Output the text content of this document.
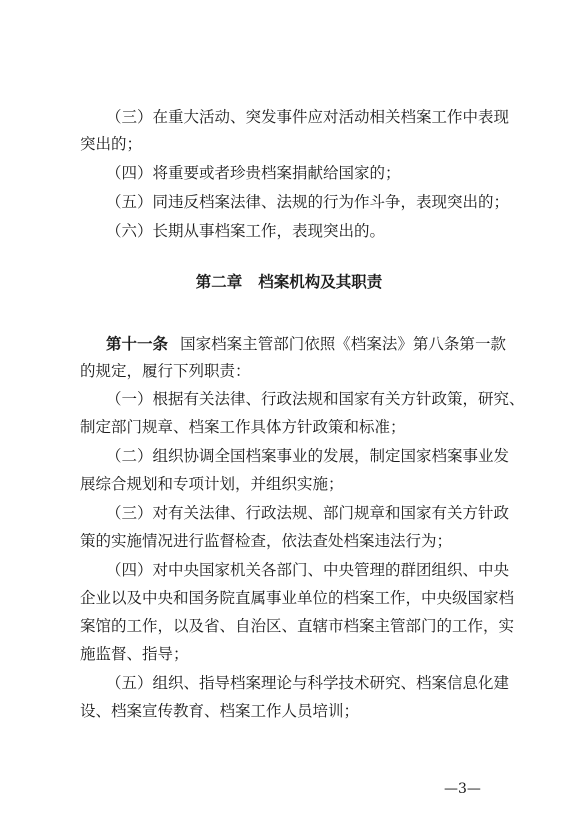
（三）在重大活动、突发事件应对活动相关档案工作中表现
突出的；
（四）将重要或者珍贵档案捐献给国家的；
（五）同违反档案法律、法规的行为作斗争，表现突出的；
（六）长期从事档案工作，表现突出的。
第二章 档案机构及其职责
第十一条 国家档案主管部门依照《档案法》第八条第一款
的规定，履行下列职责：
（一）根据有关法律、行政法规和国家有关方针政策，研究、
制定部门规章、档案工作具体方针政策和标准；
（二）组织协调全国档案事业的发展，制定国家档案事业发
展综合规划和专项计划，并组织实施；
（三）对有关法律、行政法规、部门规章和国家有关方针政
策的实施情况进行监督检查，依法查处档案违法行为；
（四）对中央国家机关各部门、中央管理的群团组织、中央
企业以及中央和国务院直属事业单位的档案工作，中央级国家档
案馆的工作，以及省、自治区、直辖市档案主管部门的工作，实
施监督、指导；
（五）组织、指导档案理论与科学技术研究、档案信息化建
设、档案宣传教育、档案工作人员培训；
—3—
